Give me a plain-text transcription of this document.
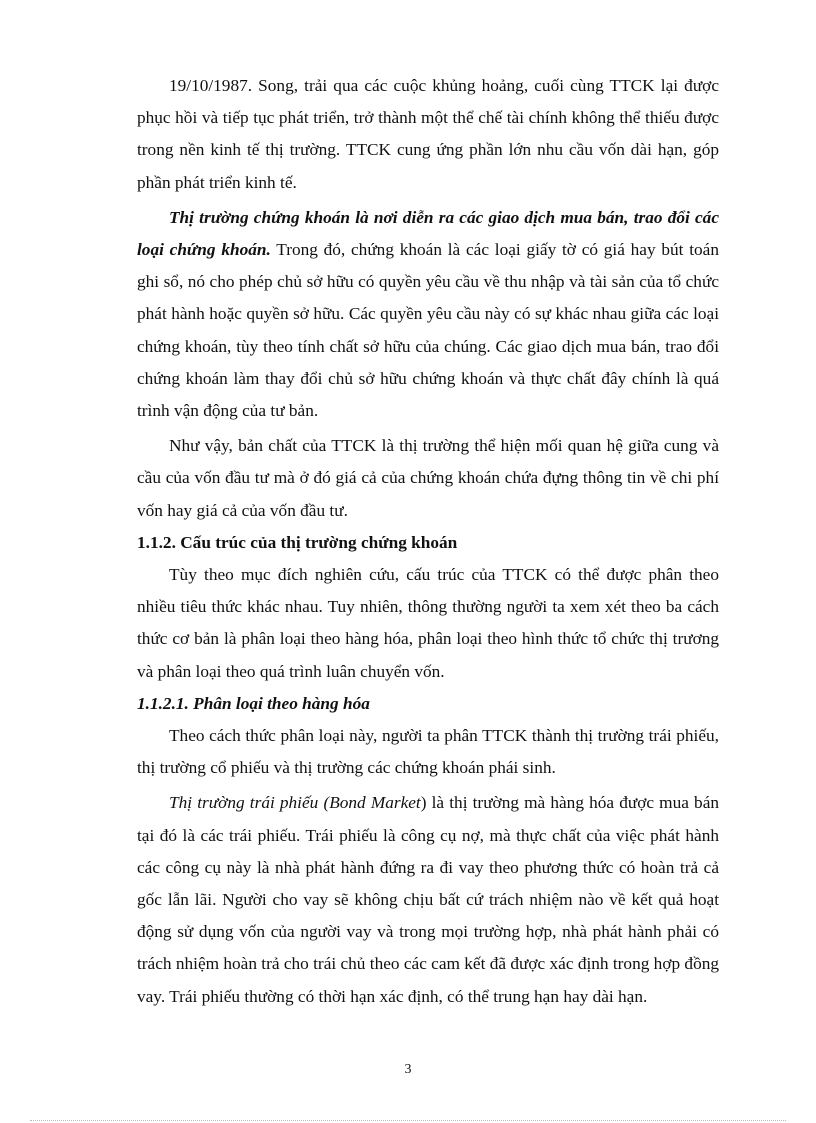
19/10/1987. Song, trải qua các cuộc khủng hoảng, cuối cùng TTCK lại được phục hồi và tiếp tục phát triển, trở thành một thể chế tài chính không thể thiếu được trong nền kinh tế thị trường. TTCK cung ứng phần lớn nhu cầu vốn dài hạn, góp phần phát triển kinh tế.

Thị trường chứng khoán là nơi diễn ra các giao dịch mua bán, trao đổi các loại chứng khoán. Trong đó, chứng khoán là các loại giấy tờ có giá hay bút toán ghi sổ, nó cho phép chủ sở hữu có quyền yêu cầu về thu nhập và tài sản của tổ chức phát hành hoặc quyền sở hữu. Các quyền yêu cầu này có sự khác nhau giữa các loại chứng khoán, tùy theo tính chất sở hữu của chúng. Các giao dịch mua bán, trao đổi chứng khoán làm thay đổi chủ sở hữu chứng khoán và thực chất đây chính là quá trình vận động của tư bản.

Như vậy, bản chất của TTCK là thị trường thể hiện mối quan hệ giữa cung và cầu của vốn đầu tư mà ở đó giá cả của chứng khoán chứa đựng thông tin về chi phí vốn hay giá cả của vốn đầu tư.

1.1.2. Cấu trúc của thị trường chứng khoán

Tùy theo mục đích nghiên cứu, cấu trúc của TTCK có thể được phân theo nhiều tiêu thức khác nhau. Tuy nhiên, thông thường người ta xem xét theo ba cách thức cơ bản là phân loại theo hàng hóa, phân loại theo hình thức tổ chức thị trương và phân loại theo quá trình luân chuyển vốn.

1.1.2.1. Phân loại theo hàng hóa

Theo cách thức phân loại này, người ta phân TTCK thành thị trường trái phiếu, thị trường cổ phiếu và thị trường các chứng khoán phái sinh.

Thị trường trái phiếu (Bond Market) là thị trường mà hàng hóa được mua bán tại đó là các trái phiếu. Trái phiếu là công cụ nợ, mà thực chất của việc phát hành các công cụ này là nhà phát hành đứng ra đi vay theo phương thức có hoàn trả cả gốc lẫn lãi. Người cho vay sẽ không chịu bất cứ trách nhiệm nào về kết quả hoạt động sử dụng vốn của người vay và trong mọi trường hợp, nhà phát hành phải có trách nhiệm hoàn trả cho trái chủ theo các cam kết đã được xác định trong hợp đồng vay. Trái phiếu thường có thời hạn xác định, có thể trung hạn hay dài hạn.

3
